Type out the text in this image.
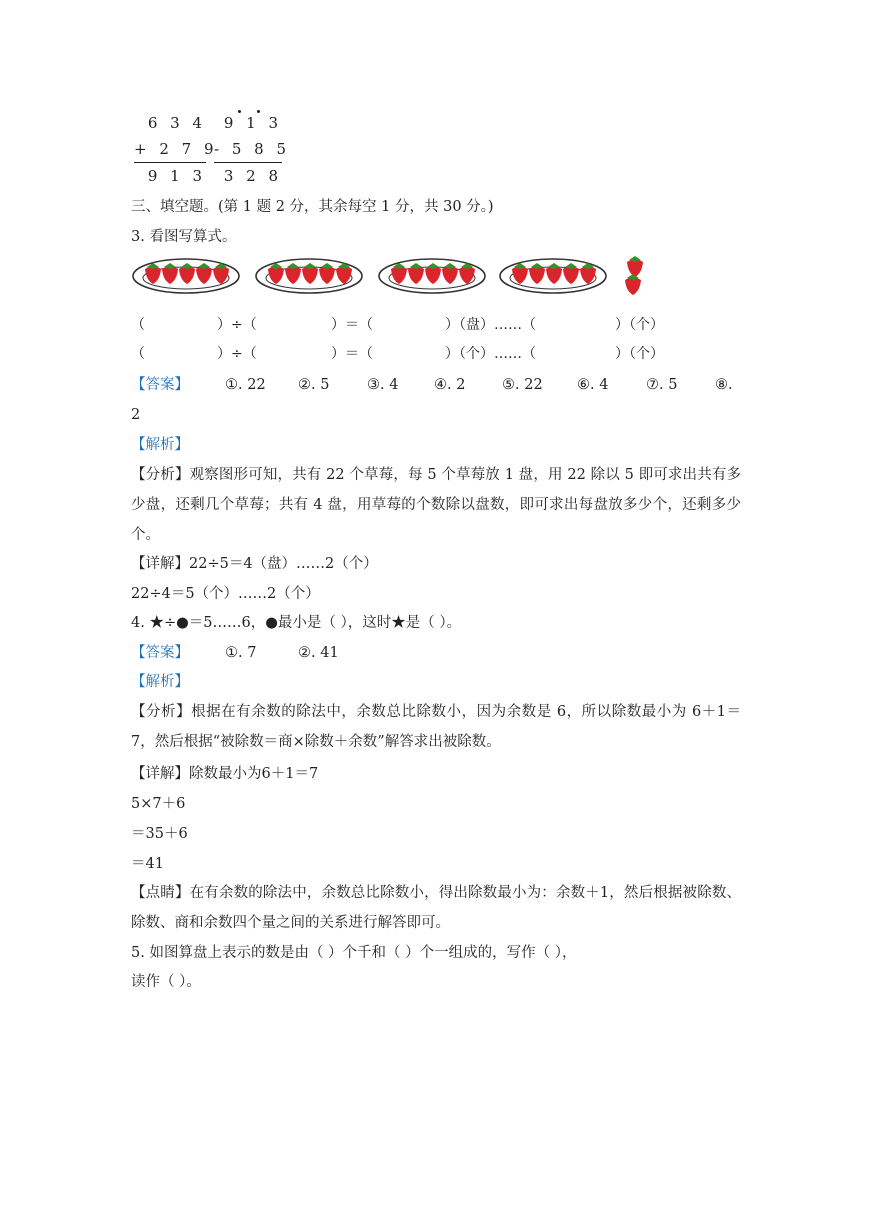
6 3 4
+ 2 7 9
9 1 3
9 1 3
- 5 8 5
3 2 8
三、填空题。(第 1 题 2 分，其余每空 1 分，共 30 分。)
3. 看图写算式。
（	）÷（	）＝（	）（盘）……（	）（个）
（	）÷（	）＝（	）（个）……（	）（个）
【答案】 ①. 22 ②. 5	③. 4 ④. 2	⑤. 22 ⑥. 4	⑦. 5	⑧.
2
【解析】
【分析】观察图形可知，共有 22 个草莓，每 5 个草莓放 1 盘，用 22 除以 5 即可求出共有多少盘，还剩几个草莓；共有 4 盘，用草莓的个数除以盘数，即可求出每盘放多少个，还剩多少个。
【详解】22÷5＝4（盘）……2（个）
22÷4＝5（个）……2（个）
4. ★÷●＝5……6，●最小是（ ），这时★是（ ）。
【答案】 ①. 7	②. 41
【解析】
【分析】根据在有余数的除法中，余数总比除数小，因为余数是 6，所以除数最小为 6＋1＝7，然后根据“被除数＝商×除数＋余数”解答求出被除数。
【详解】除数最小为6＋1＝7
5×7＋6
＝35＋6
＝41
【点睛】在有余数的除法中，余数总比除数小，得出除数最小为：余数＋1，然后根据被除数、除数、商和余数四个量之间的关系进行解答即可。
5. 如图算盘上表示的数是由（ ）个千和（ ）个一组成的，写作（ ），
读作（ ）。
